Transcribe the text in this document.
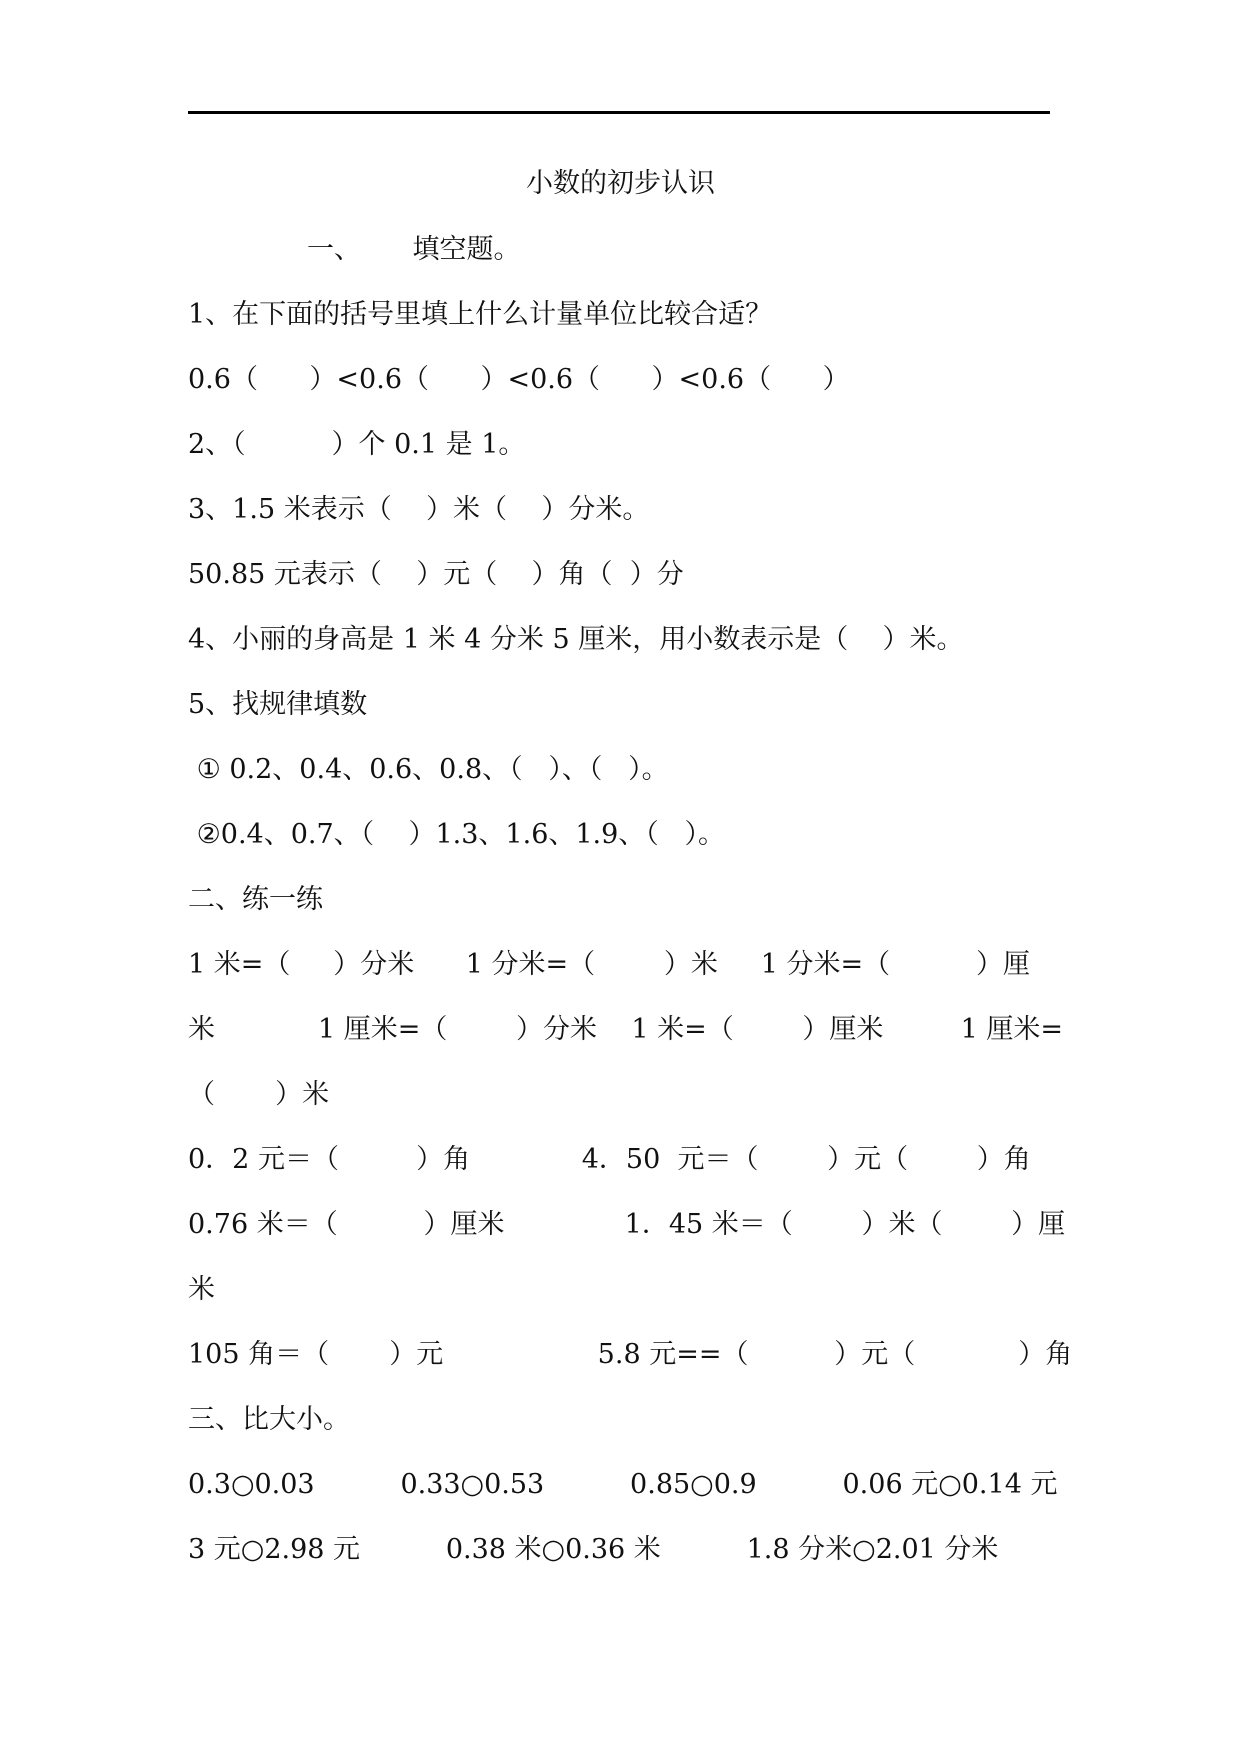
小数的初步认识
一、      填空题。
1、在下面的括号里填上什么计量单位比较合适？
0.6（      ）<0.6（      ）<0.6（      ）<0.6（      ）
2、（          ）个 0.1 是 1。
3、1.5 米表示（    ）米（    ）分米。
50.85 元表示（    ）元（    ）角（  ）分
4、小丽的身高是 1 米 4 分米 5 厘米，用小数表示是（    ）米。
5、找规律填数
① 0.2、0.4、0.6、0.8、（   ）、（   ）。
②0.4、0.7、（    ）1.3、1.6、1.9、（   ）。
二、练一练
1 米=（     ）分米      1 分米=（        ）米     1 分米=（          ）厘
米            1 厘米=（        ）分米    1 米=（        ）厘米         1 厘米=
（       ）米
0．2 元＝（         ）角             4．50  元＝（        ）元（        ）角
0.76 米＝（          ）厘米              1．45 米＝（        ）米（        ）厘
米
105 角＝（       ）元                  5.8 元==（          ）元（            ）角
三、比大小。
0.3○0.03          0.33○0.53          0.85○0.9          0.06 元○0.14 元
3 元○2.98 元          0.38 米○0.36 米          1.8 分米○2.01 分米
